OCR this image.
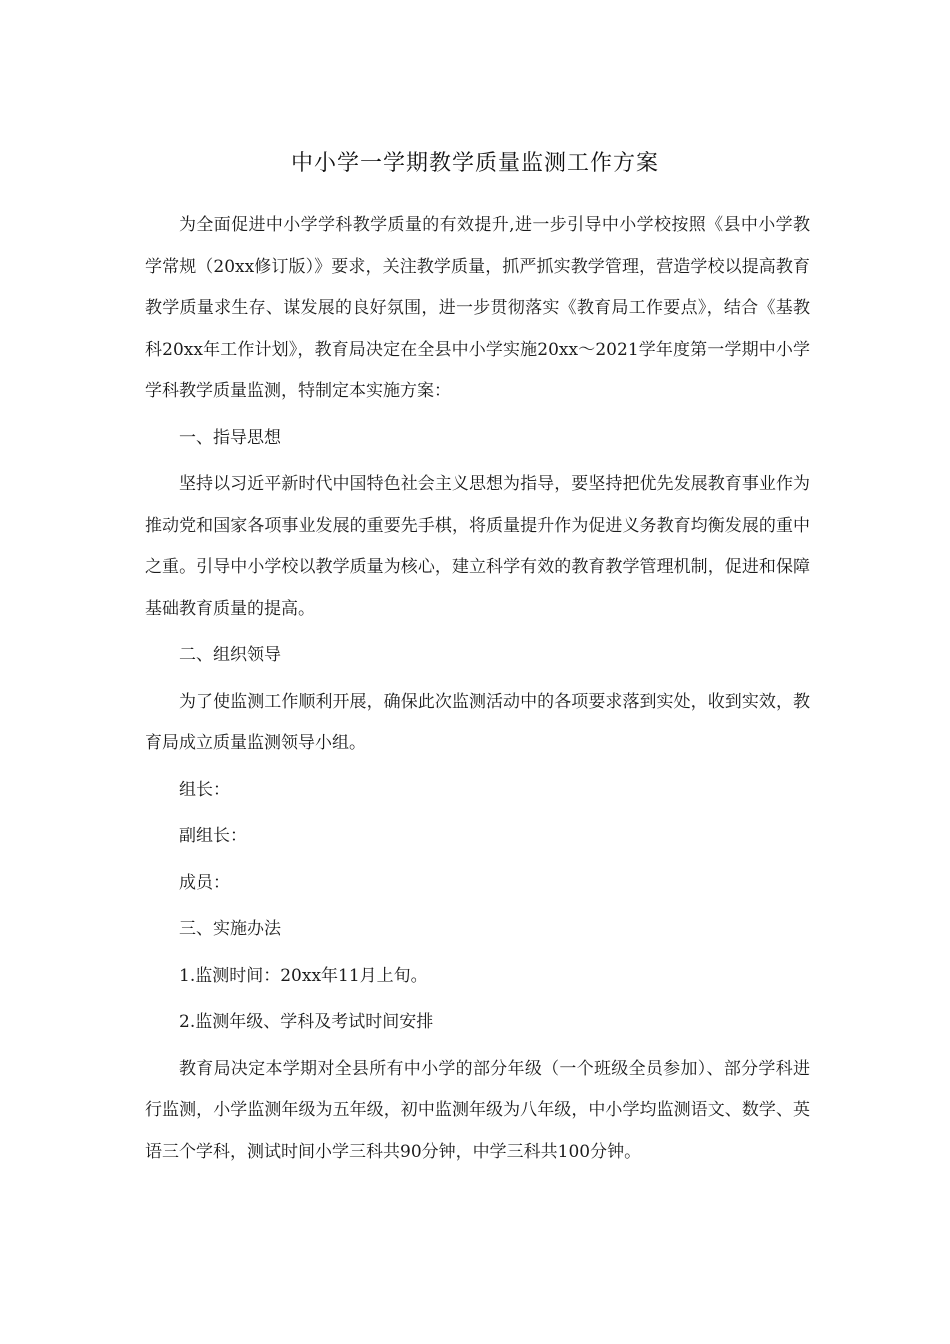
中小学一学期教学质量监测工作方案

为全面促进中小学学科教学质量的有效提升,进一步引导中小学校按照《县中小学教学常规（20xx修订版）》要求，关注教学质量，抓严抓实教学管理，营造学校以提高教育教学质量求生存、谋发展的良好氛围，进一步贯彻落实《教育局工作要点》，结合《基教科20xx年工作计划》，教育局决定在全县中小学实施20xx～2021学年度第一学期中小学学科教学质量监测，特制定本实施方案：

一、指导思想

坚持以习近平新时代中国特色社会主义思想为指导，要坚持把优先发展教育事业作为推动党和国家各项事业发展的重要先手棋，将质量提升作为促进义务教育均衡发展的重中之重。引导中小学校以教学质量为核心，建立科学有效的教育教学管理机制，促进和保障基础教育质量的提高。

二、组织领导

为了使监测工作顺利开展，确保此次监测活动中的各项要求落到实处，收到实效，教育局成立质量监测领导小组。

组长：

副组长：

成员：

三、实施办法

1.监测时间：20xx年11月上旬。

2.监测年级、学科及考试时间安排

教育局决定本学期对全县所有中小学的部分年级（一个班级全员参加）、部分学科进行监测，小学监测年级为五年级，初中监测年级为八年级，中小学均监测语文、数学、英语三个学科，测试时间小学三科共90分钟，中学三科共100分钟。
